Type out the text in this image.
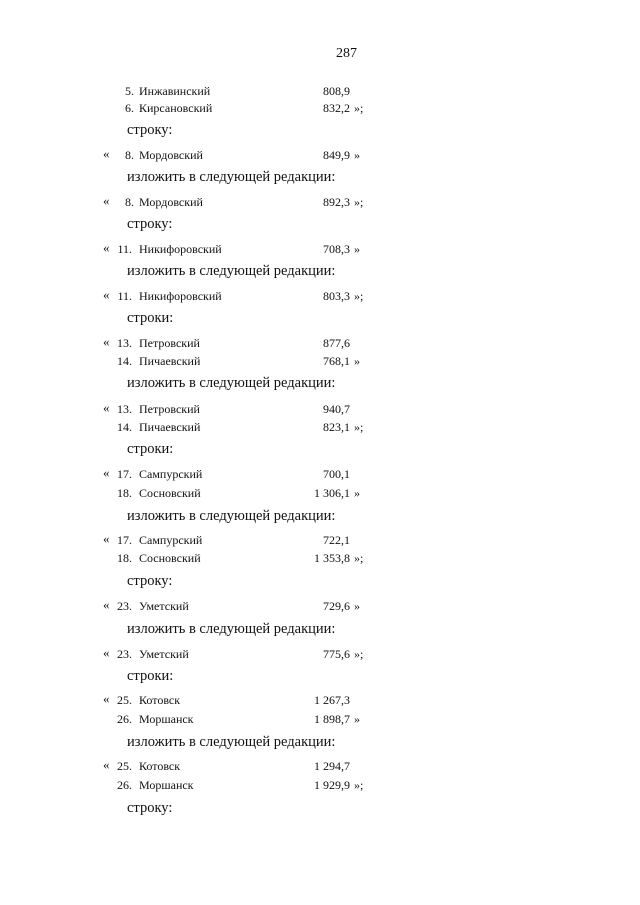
287
5. Инжавинский	808,9
6. Кирсановский	832,2 »;
строку:
«	8. Мордовский	849,9 »
изложить в следующей редакции:
«	8. Мордовский	892,3 »;
строку:
« 11. Никифоровский	708,3 »
изложить в следующей редакции:
« 11. Никифоровский	803,3 »;
строки:
« 13. Петровский	877,6
14. Пичаевский	768,1 »
изложить в следующей редакции:
« 13. Петровский	940,7
14. Пичаевский	823,1 »;
строки:
« 17. Сампурский	700,1
18. Сосновский	1 306,1 »
изложить в следующей редакции:
« 17. Сампурский	722,1
18. Сосновский	1 353,8 »;
строку:
« 23. Уметский	729,6 »
изложить в следующей редакции:
« 23. Уметский	775,6 »;
строки:
« 25. Котовск	1 267,3
26. Моршанск	1 898,7 »
изложить в следующей редакции:
« 25. Котовск	1 294,7
26. Моршанск	1 929,9 »;
строку:
